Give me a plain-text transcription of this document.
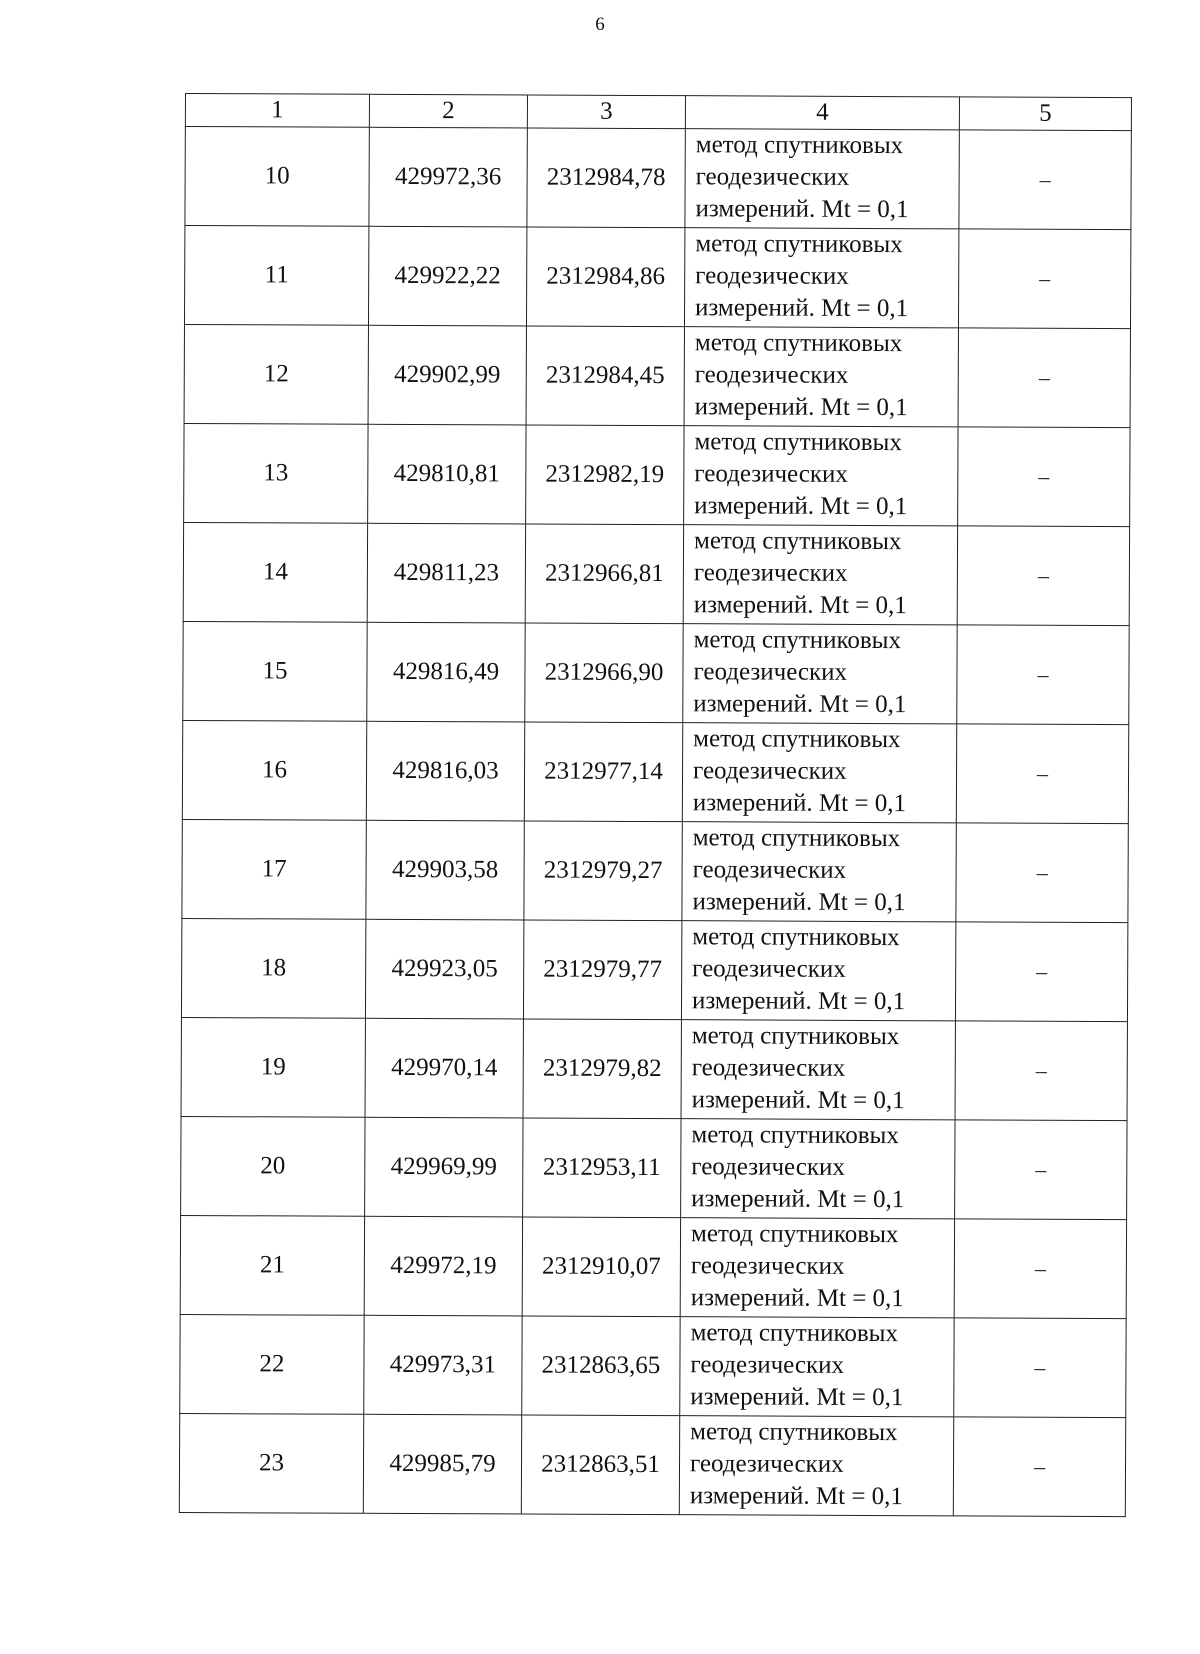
6
1	2	3	4	5
10	429972,36	2312984,78	метод спутниковых
геодезических
измерений. Mt = 0,1	–
11	429922,22	2312984,86	метод спутниковых
геодезических
измерений. Mt = 0,1	–
12	429902,99	2312984,45	метод спутниковых
геодезических
измерений. Mt = 0,1	–
13	429810,81	2312982,19	метод спутниковых
геодезических
измерений. Mt = 0,1	–
14	429811,23	2312966,81	метод спутниковых
геодезических
измерений. Mt = 0,1	–
15	429816,49	2312966,90	метод спутниковых
геодезических
измерений. Mt = 0,1	–
16	429816,03	2312977,14	метод спутниковых
геодезических
измерений. Mt = 0,1	–
17	429903,58	2312979,27	метод спутниковых
геодезических
измерений. Mt = 0,1	–
18	429923,05	2312979,77	метод спутниковых
геодезических
измерений. Mt = 0,1	–
19	429970,14	2312979,82	метод спутниковых
геодезических
измерений. Mt = 0,1	–
20	429969,99	2312953,11	метод спутниковых
геодезических
измерений. Mt = 0,1	–
21	429972,19	2312910,07	метод спутниковых
геодезических
измерений. Mt = 0,1	–
22	429973,31	2312863,65	метод спутниковых
геодезических
измерений. Mt = 0,1	–
23	429985,79	2312863,51	метод спутниковых
геодезических
измерений. Mt = 0,1	–
